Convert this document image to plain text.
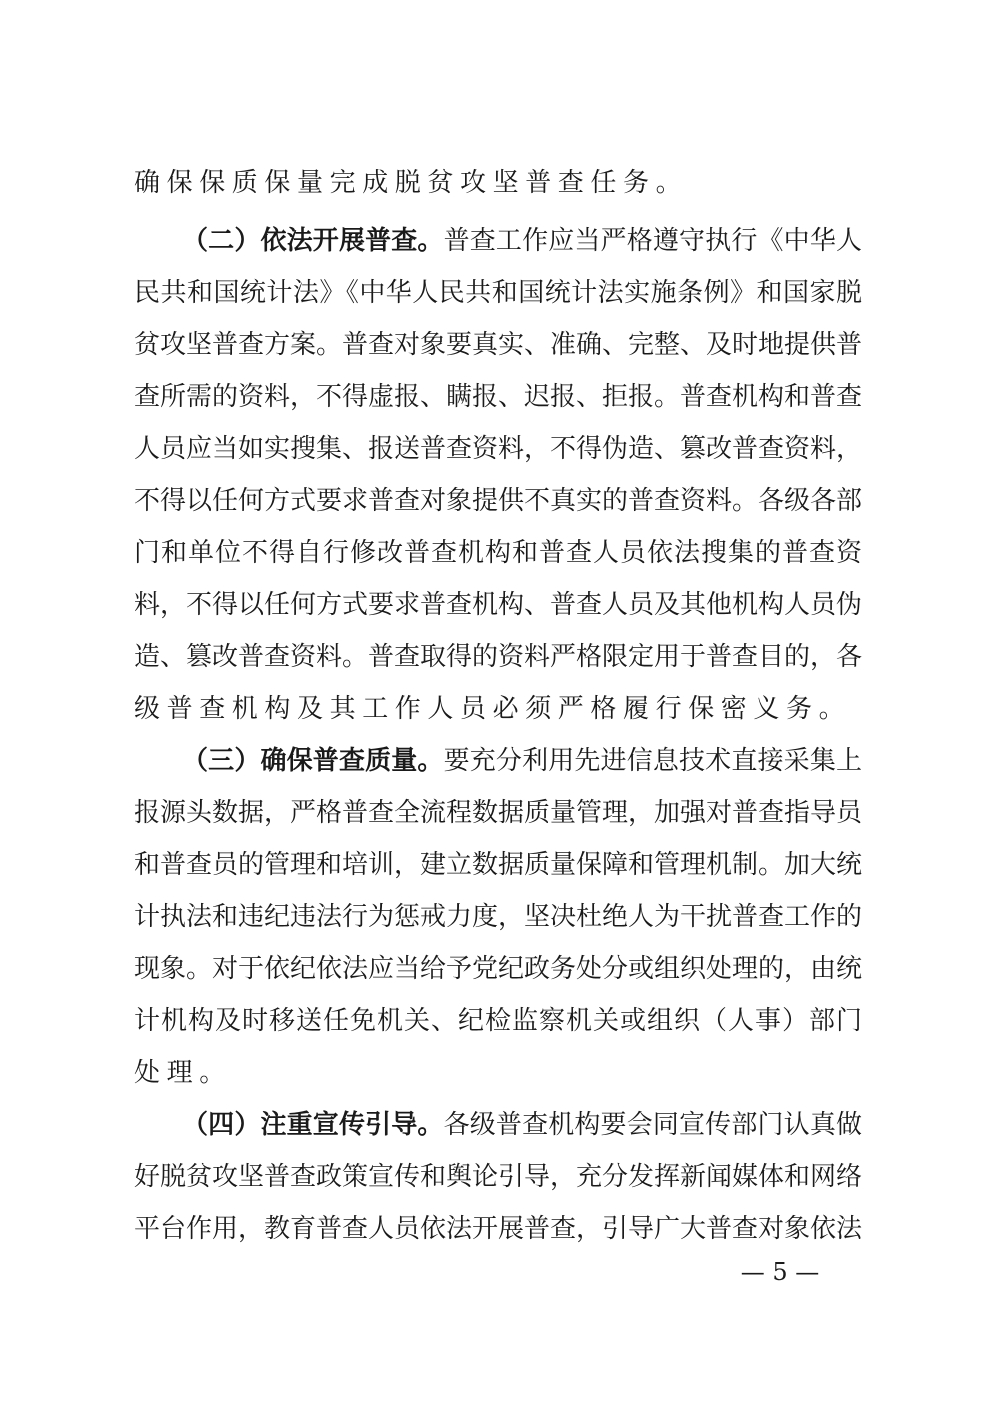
确保保质保量完成脱贫攻坚普查任务。
（二）依法开展普查。普查工作应当严格遵守执行《中华人
民共和国统计法》《中华人民共和国统计法实施条例》和国家脱
贫攻坚普查方案。普查对象要真实、准确、完整、及时地提供普
查所需的资料，不得虚报、瞒报、迟报、拒报。普查机构和普查
人员应当如实搜集、报送普查资料，不得伪造、篡改普查资料，
不得以任何方式要求普查对象提供不真实的普查资料。各级各部
门和单位不得自行修改普查机构和普查人员依法搜集的普查资
料，不得以任何方式要求普查机构、普查人员及其他机构人员伪
造、篡改普查资料。普查取得的资料严格限定用于普查目的，各
级普查机构及其工作人员必须严格履行保密义务。
（三）确保普查质量。要充分利用先进信息技术直接采集上
报源头数据，严格普查全流程数据质量管理，加强对普查指导员
和普查员的管理和培训，建立数据质量保障和管理机制。加大统
计执法和违纪违法行为惩戒力度，坚决杜绝人为干扰普查工作的
现象。对于依纪依法应当给予党纪政务处分或组织处理的，由统
计机构及时移送任免机关、纪检监察机关或组织（人事）部门
处理。
（四）注重宣传引导。各级普查机构要会同宣传部门认真做
好脱贫攻坚普查政策宣传和舆论引导，充分发挥新闻媒体和网络
平台作用，教育普查人员依法开展普查，引导广大普查对象依法
— 5 —
